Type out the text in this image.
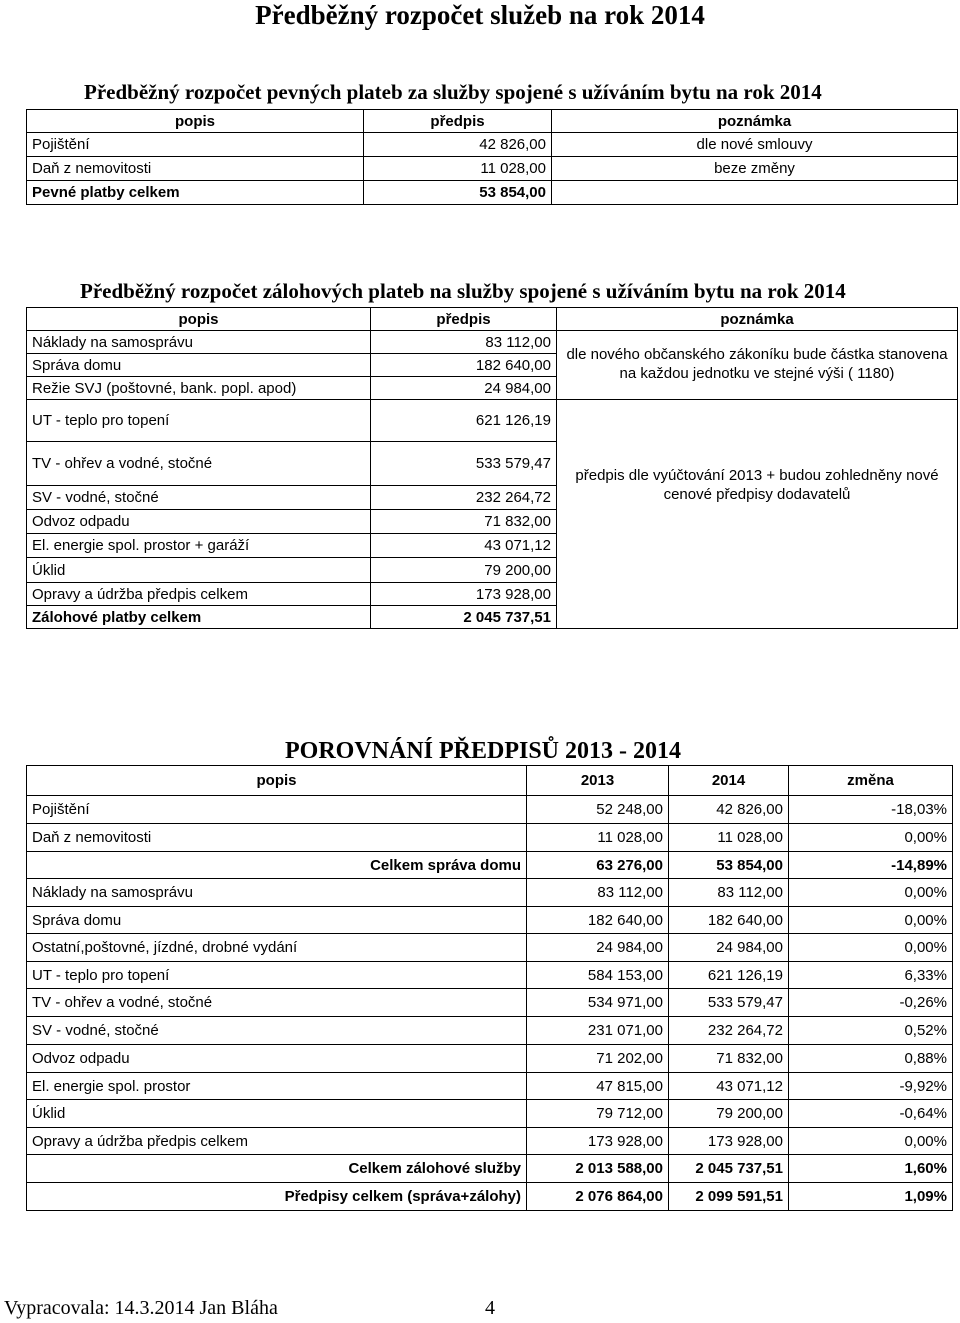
Předběžný rozpočet služeb na rok 2014
Předběžný rozpočet pevných plateb za služby spojené s užíváním bytu na rok 2014
popis	předpis	poznámka
Pojištění	42 826,00	dle nové smlouvy
Daň z nemovitosti	11 028,00	beze změny
Pevné platby celkem	53 854,00	
Předběžný rozpočet zálohových plateb na služby spojené s užíváním bytu na rok 2014
popis	předpis	poznámka
Náklady na samosprávu	83 112,00	dle nového občanského zákoníku bude částka stanovena na každou jednotku ve stejné výši ( 1180)
Správa domu	182 640,00	
Režie SVJ (poštovné, bank. popl. apod)	24 984,00	
UT - teplo pro topení	621 126,19	předpis dle vyúčtování 2013 + budou zohledněny nové cenové předpisy dodavatelů
TV - ohřev a vodné, stočné	533 579,47	
SV - vodné, stočné	232 264,72	
Odvoz odpadu	71 832,00	
El. energie spol. prostor + garáží	43 071,12	
Úklid	79 200,00	
Opravy a údržba předpis celkem	173 928,00	
Zálohové platby celkem	2 045 737,51	
POROVNÁNÍ PŘEDPISŮ 2013 - 2014
popis	2013	2014	změna
Pojištění	52 248,00	42 826,00	-18,03%
Daň z nemovitosti	11 028,00	11 028,00	0,00%
Celkem správa domu	63 276,00	53 854,00	-14,89%
Náklady na samosprávu	83 112,00	83 112,00	0,00%
Správa domu	182 640,00	182 640,00	0,00%
Ostatní,poštovné, jízdné, drobné vydání	24 984,00	24 984,00	0,00%
UT - teplo pro topení	584 153,00	621 126,19	6,33%
TV - ohřev a vodné, stočné	534 971,00	533 579,47	-0,26%
SV - vodné, stočné	231 071,00	232 264,72	0,52%
Odvoz odpadu	71 202,00	71 832,00	0,88%
El. energie spol. prostor	47 815,00	43 071,12	-9,92%
Úklid	79 712,00	79 200,00	-0,64%
Opravy a údržba předpis celkem	173 928,00	173 928,00	0,00%
Celkem zálohové služby	2 013 588,00	2 045 737,51	1,60%
Předpisy celkem (správa+zálohy)	2 076 864,00	2 099 591,51	1,09%
Vypracovala: 14.3.2014 Jan Bláha	4
